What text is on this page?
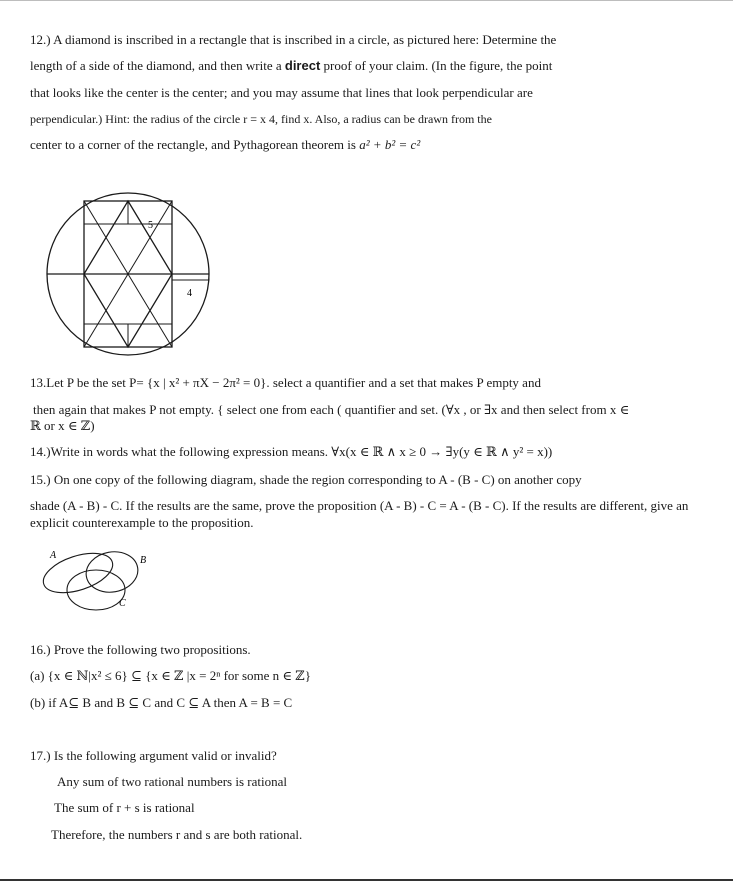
12.) A diamond is inscribed in a rectangle that is inscribed in a circle, as pictured here: Determine the
length of a side of the diamond, and then write a direct proof of your claim. (In the figure, the point
that looks like the center is the center; and you may assume that lines that look perpendicular are
perpendicular.) Hint: the radius of the circle r = x 4, find x. Also, a radius can be drawn from the
center to a corner of the rectangle, and Pythagorean theorem is a² + b² = c²
5
4
13.Let P be the set P= {x | x² + πX − 2π² = 0}. select a quantifier and a set that makes P empty and
then again that makes P not empty. { select one from each ( quantifier and set. (∀x , or ∃x and then select from x ∈
ℝ or x ∈ ℤ)
14.)Write in words what the following expression means. ∀x(x ∈ ℝ ∧ x ≥ 0 → ∃y(y ∈ ℝ ∧ y² = x))
15.) On one copy of the following diagram, shade the region corresponding to A - (B - C) on another copy
shade (A - B) - C. If the results are the same, prove the proposition (A - B) - C = A - (B - C). If the results are different, give an
explicit counterexample to the proposition.
A	B
C
16.) Prove the following two propositions.
(a) {x ∈ ℕ|x² ≤ 6} ⊆ {x ∈ ℤ |x = 2ⁿ for some n ∈ ℤ}
(b) if A⊆ B and B ⊆ C and C ⊆ A then A = B = C
17.) Is the following argument valid or invalid?
Any sum of two rational numbers is rational
The sum of r + s is rational
Therefore, the numbers r and s are both rational.
